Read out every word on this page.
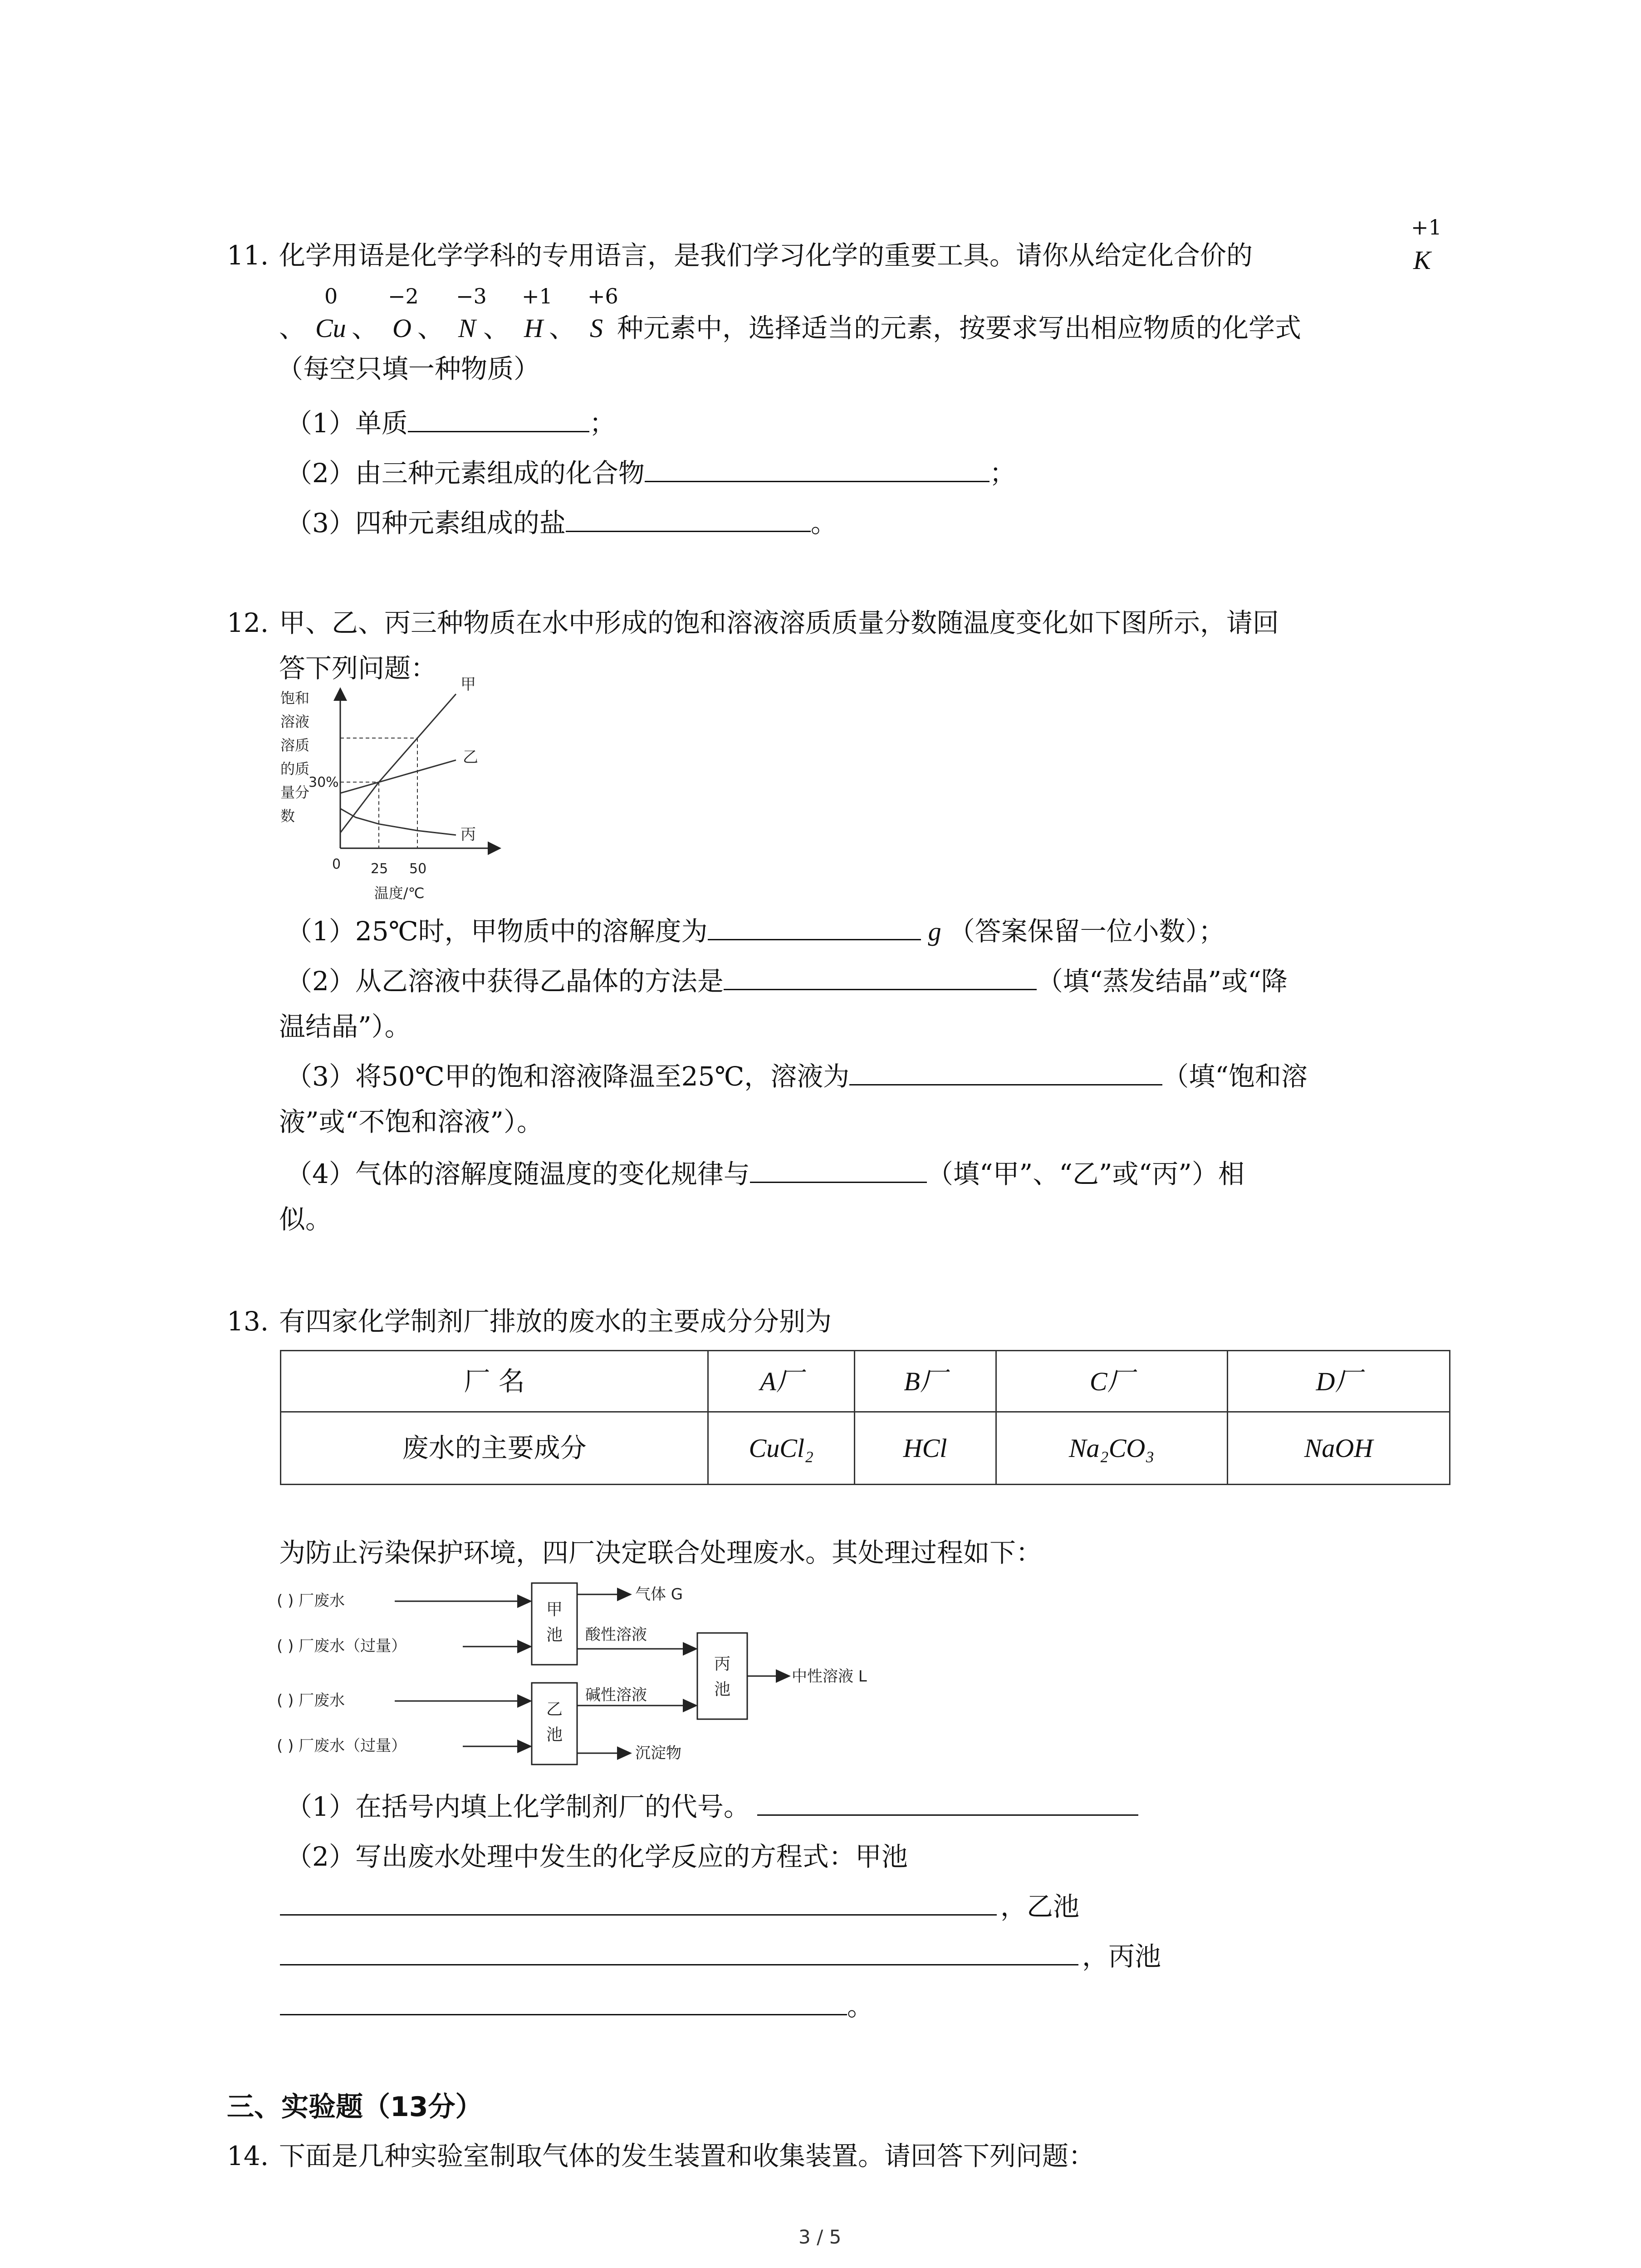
11. 化学用语是化学学科的专用语言，是我们学习化学的重要工具。请你从给定化合价的
+1
K
0 −2 −3 +1 +6
、 Cu 、 O 、 N 、 H 、 S 种元素中，选择适当的元素，按要求写出相应物质的化学式
（每空只填一种物质）
（1）单质	；
（2）由三种元素组成的化合物	；
（3）四种元素组成的盐	。
12. 甲、乙、丙三种物质在水中形成的饱和溶液溶质质量分数随温度变化如下图所示，请回
答下列问题：
温度/℃
饱和
溶液
溶质
的质
量分
数
甲
乙
丙
0 25 50
30%
（1）25℃时，甲物质中的溶解度为	g （答案保留一位小数）；
（2）从乙溶液中获得乙晶体的方法是	（填“蒸发结晶”或“降
温结晶”）。
（3）将50℃甲的饱和溶液降温至25℃，溶液为	（填“饱和溶
液”或“不饱和溶液”）。
（4）气体的溶解度随温度的变化规律与	（填“甲”、“乙”或“丙”）相
似。
13. 有四家化学制剂厂排放的废水的主要成分分别为
厂 名	A厂	B厂	C厂	D厂
废水的主要成分	CuCl₂	HCl	Na₂CO₃	NaOH
为防止污染保护环境，四厂决定联合处理废水。其处理过程如下：
( ) 厂废水
( ) 厂废水（过量）
( ) 厂废水
( ) 厂废水（过量）
甲池
乙池
气体 G
酸性溶液
碱性溶液
沉淀物
丙池
中性溶液 L
（1）在括号内填上化学制剂厂的代号。
（2）写出废水处理中发生的化学反应的方程式：甲池
，乙池
，丙池
。
三、实验题（13分）
14. 下面是几种实验室制取气体的发生装置和收集装置。请回答下列问题：
3 / 5
